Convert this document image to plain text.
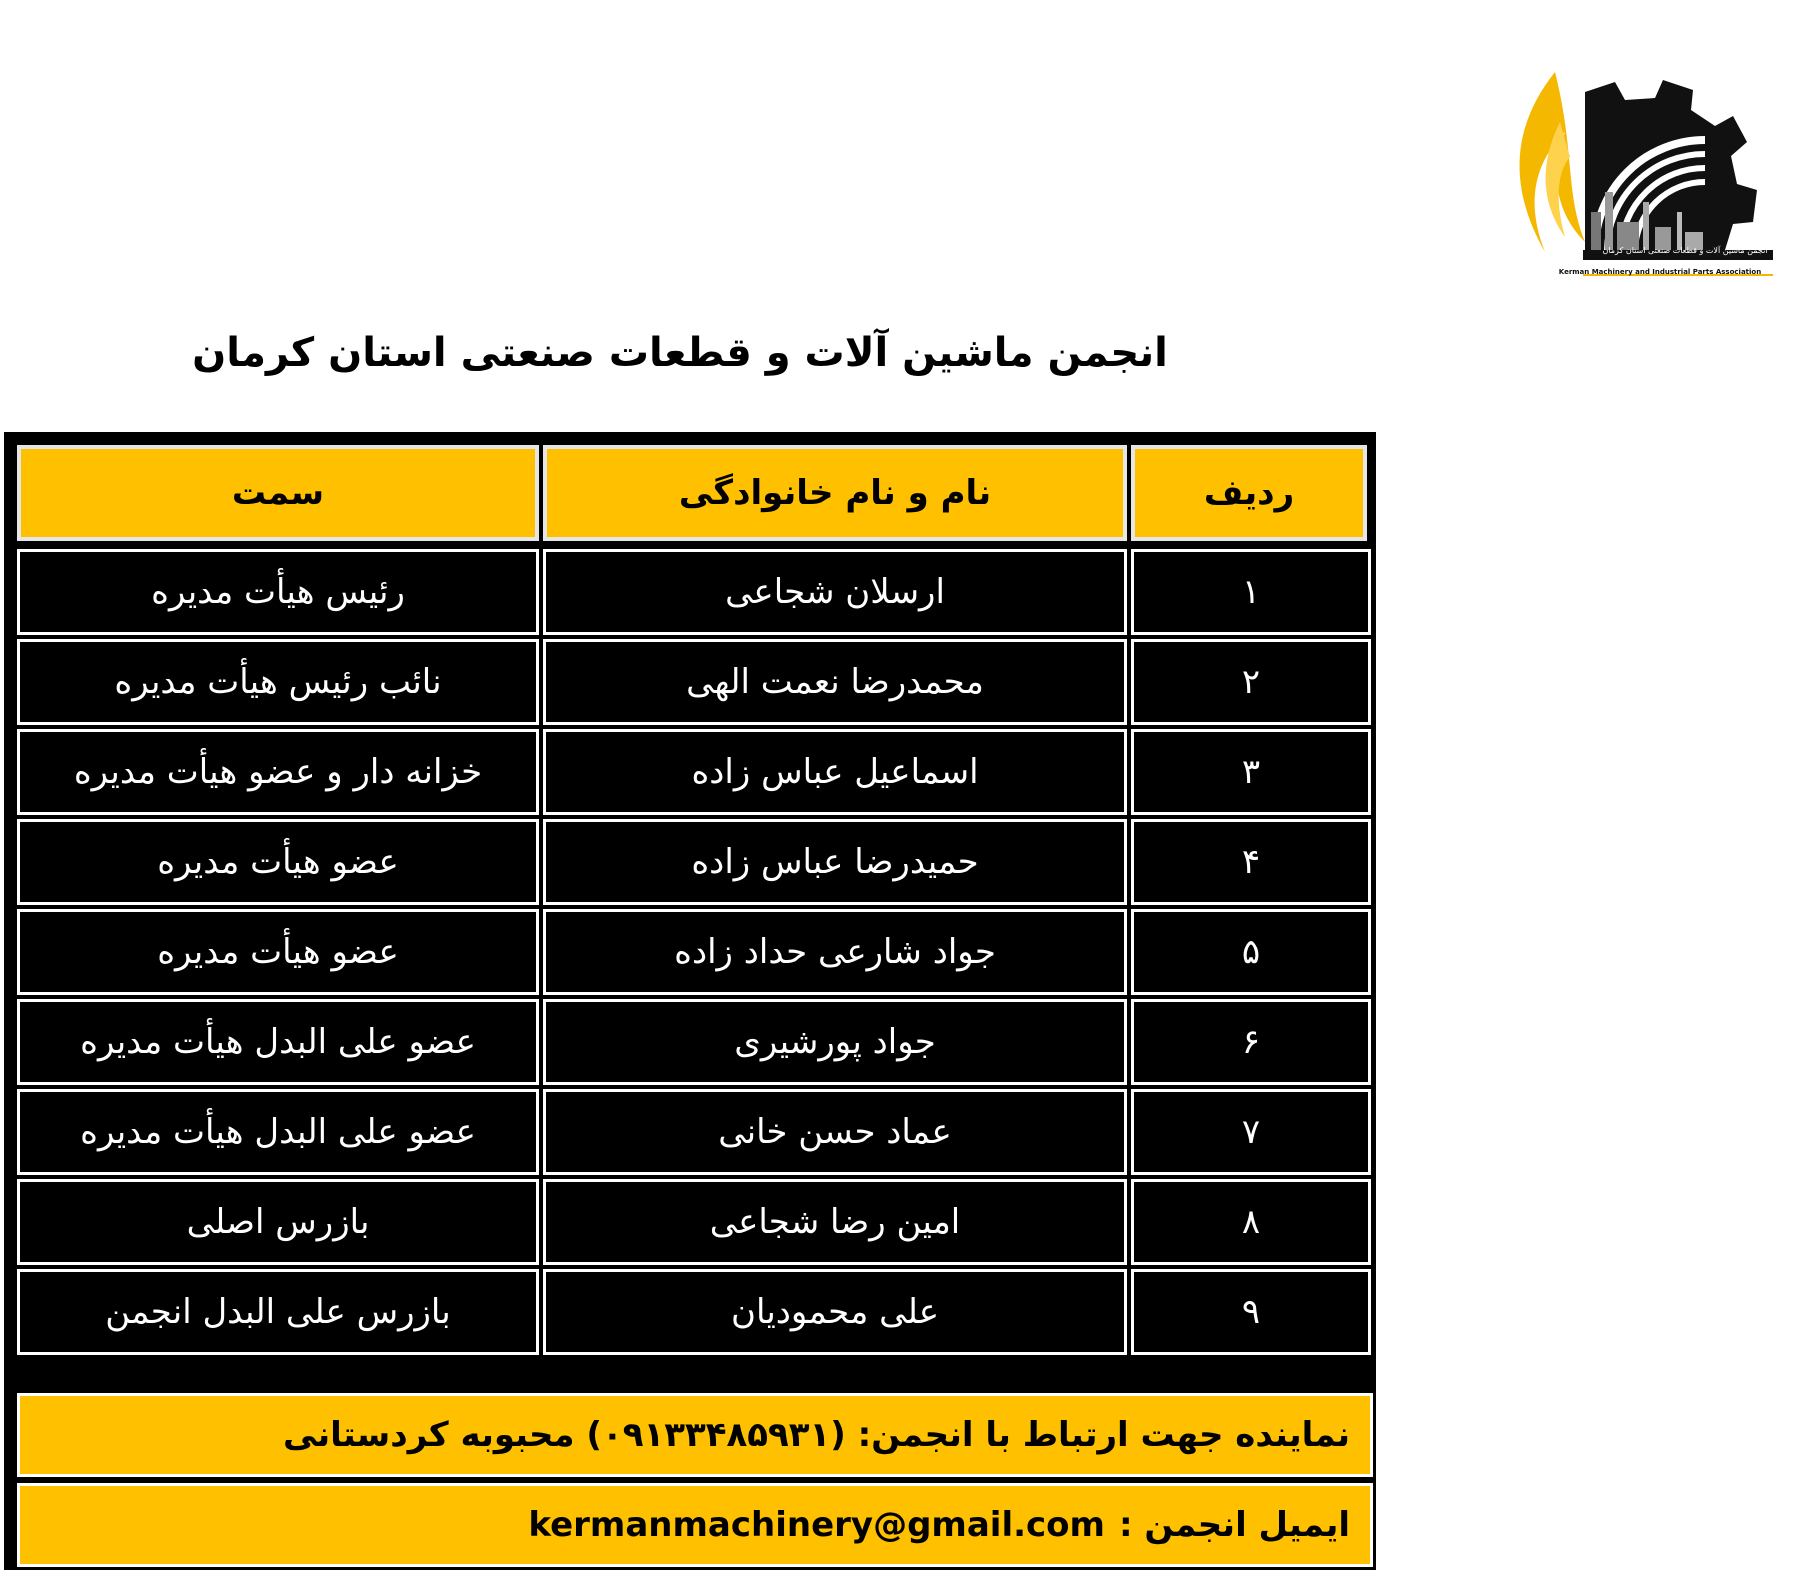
انجمن ماشین آلات و قطعات صنعتی استان کرمان
Kerman Machinery and Industrial Parts Association
انجمن ماشین آلات و قطعات صنعتی استان کرمان
ردیف
نام و نام خانوادگی
سمت
۱
ارسلان شجاعی
رئیس هیأت مدیره
۲
محمدرضا نعمت الهی
نائب رئیس هیأت مدیره
۳
اسماعیل عباس زاده
خزانه دار و عضو هیأت مدیره
۴
حمیدرضا عباس زاده
عضو هیأت مدیره
۵
جواد شارعی حداد زاده
عضو هیأت مدیره
۶
جواد پورشیری
عضو علی البدل هیأت مدیره
۷
عماد حسن خانی
عضو علی البدل هیأت مدیره
۸
امین رضا شجاعی
بازرس اصلی
۹
علی محمودیان
بازرس علی البدل انجمن
نماینده جهت ارتباط با انجمن: (۰۹۱۳۳۴۸۵۹۳۱) محبوبه کردستانی
ایمیل انجمن :
kermanmachinery@gmail.com
